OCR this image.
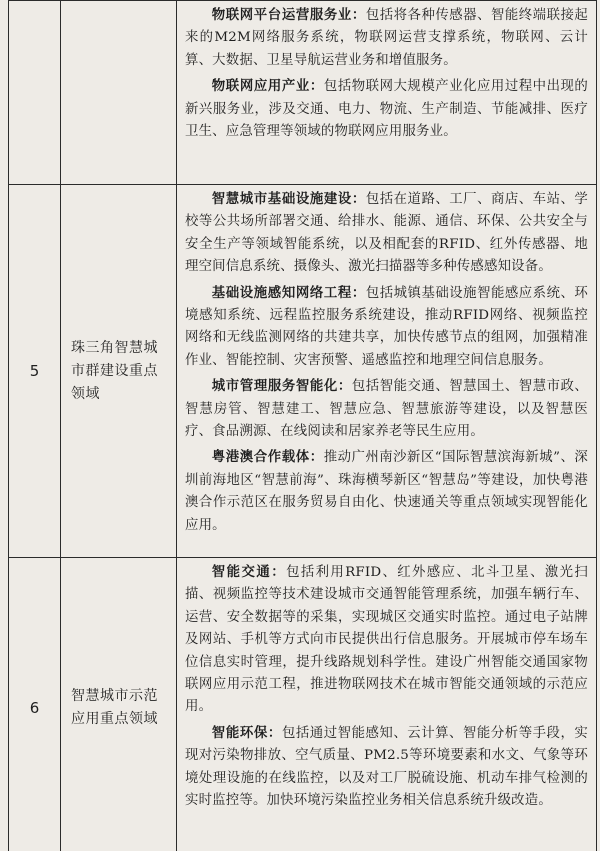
		物联网平台运营服务业：包括将各种传感器、智能终端联接起来的M2M网络服务系统，物联网运营支撑系统，物联网、云计算、大数据、卫星导航运营业务和增值服务。

物联网应用产业：包括物联网大规模产业化应用过程中出现的新兴服务业，涉及交通、电力、物流、生产制造、节能减排、医疗卫生、应急管理等领域的物联网应用服务业。

5	珠三角智慧城市群建设重点领域	智慧城市基础设施建设：包括在道路、工厂、商店、车站、学校等公共场所部署交通、给排水、能源、通信、环保、公共安全与安全生产等领域智能系统，以及相配套的RFID、红外传感器、地理空间信息系统、摄像头、激光扫描器等多种传感感知设备。

基础设施感知网络工程：包括城镇基础设施智能感应系统、环境感知系统、远程监控服务系统建设，推动RFID网络、视频监控网络和无线监测网络的共建共享，加快传感节点的组网，加强精准作业、智能控制、灾害预警、遥感监控和地理空间信息服务。

城市管理服务智能化：包括智能交通、智慧国土、智慧市政、智慧房管、智慧建工、智慧应急、智慧旅游等建设，以及智慧医疗、食品溯源、在线阅读和居家养老等民生应用。

粤港澳合作载体：推动广州南沙新区“国际智慧滨海新城”、深圳前海地区“智慧前海”、珠海横琴新区“智慧岛”等建设，加快粤港澳合作示范区在服务贸易自由化、快速通关等重点领域实现智能化应用。

6	智慧城市示范应用重点领域	智能交通：包括利用RFID、红外感应、北斗卫星、激光扫描、视频监控等技术建设城市交通智能管理系统，加强车辆行车、运营、安全数据等的采集，实现城区交通实时监控。通过电子站牌及网站、手机等方式向市民提供出行信息服务。开展城市停车场车位信息实时管理，提升线路规划科学性。建设广州智能交通国家物联网应用示范工程，推进物联网技术在城市智能交通领域的示范应用。

智能环保：包括通过智能感知、云计算、智能分析等手段，实现对污染物排放、空气质量、PM2.5等环境要素和水文、气象等环境处理设施的在线监控，以及对工厂脱硫设施、机动车排气检测的实时监控等。加快环境污染监控业务相关信息系统升级改造。
